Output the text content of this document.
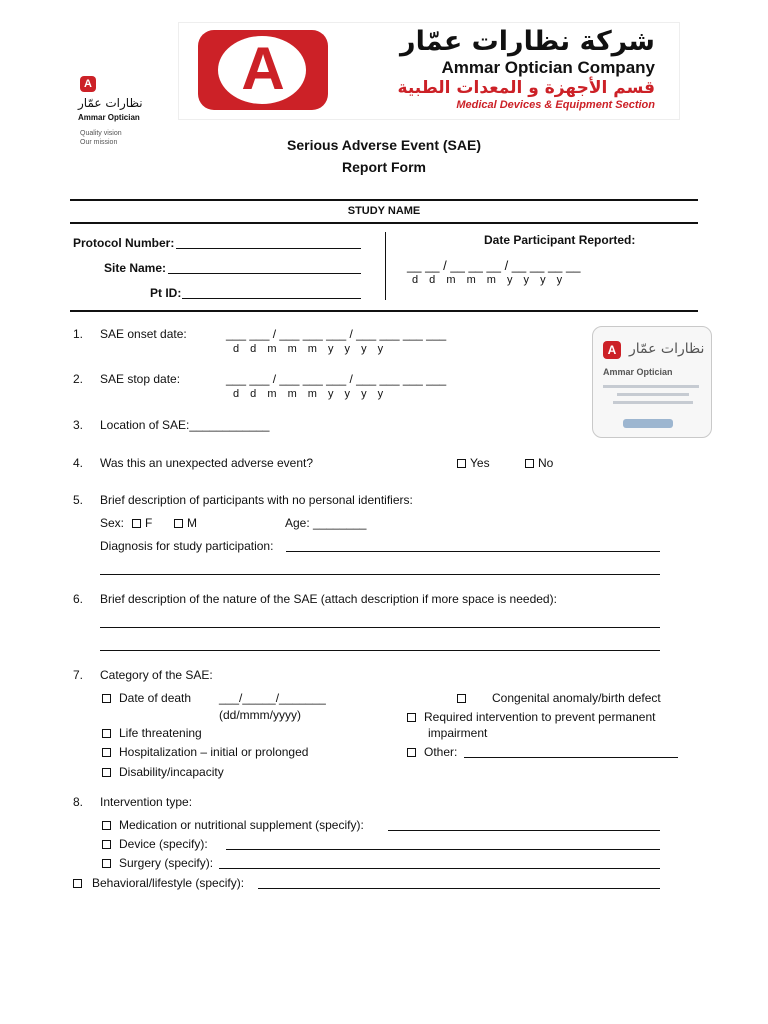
A
نظارات عمّار
Ammar Optician
Quality vision
Our mission
A	شركة نظارات عمّار
Ammar Optician Company
قسم الأجهزة و المعدات الطبية
Medical Devices & Equipment Section
Serious Adverse Event (SAE)
Report Form
STUDY NAME
Protocol Number:
Site Name:
Pt ID:
Date Participant Reported:
__ __ / __ __ __ / __ __ __ __
d d m m m y y y y
1. SAE onset date:	___ ___ / ___ ___ ___ / ___ ___ ___ ___
d d m m m y y y y
2. SAE stop date:	___ ___ / ___ ___ ___ / ___ ___ ___ ___
d d m m m y y y y
A نظارات عمّار
Ammar Optician
3. Location of SAE:____________
4. Was this an unexpected adverse event?	Yes	No
5. Brief description of participants with no personal identifiers:
Sex:	F	M	Age: ________
Diagnosis for study participation:
6. Brief description of the nature of the SAE (attach description if more space is needed):
7. Category of the SAE:
Date of death ___/_____/_______
(dd/mmm/yyyy)
Life threatening
Hospitalization – initial or prolonged
Disability/incapacity
Congenital anomaly/birth defect
Required intervention to prevent permanent
impairment
Other:
8. Intervention type:
Medication or nutritional supplement (specify):
Device (specify):
Surgery (specify):
Behavioral/lifestyle (specify):
